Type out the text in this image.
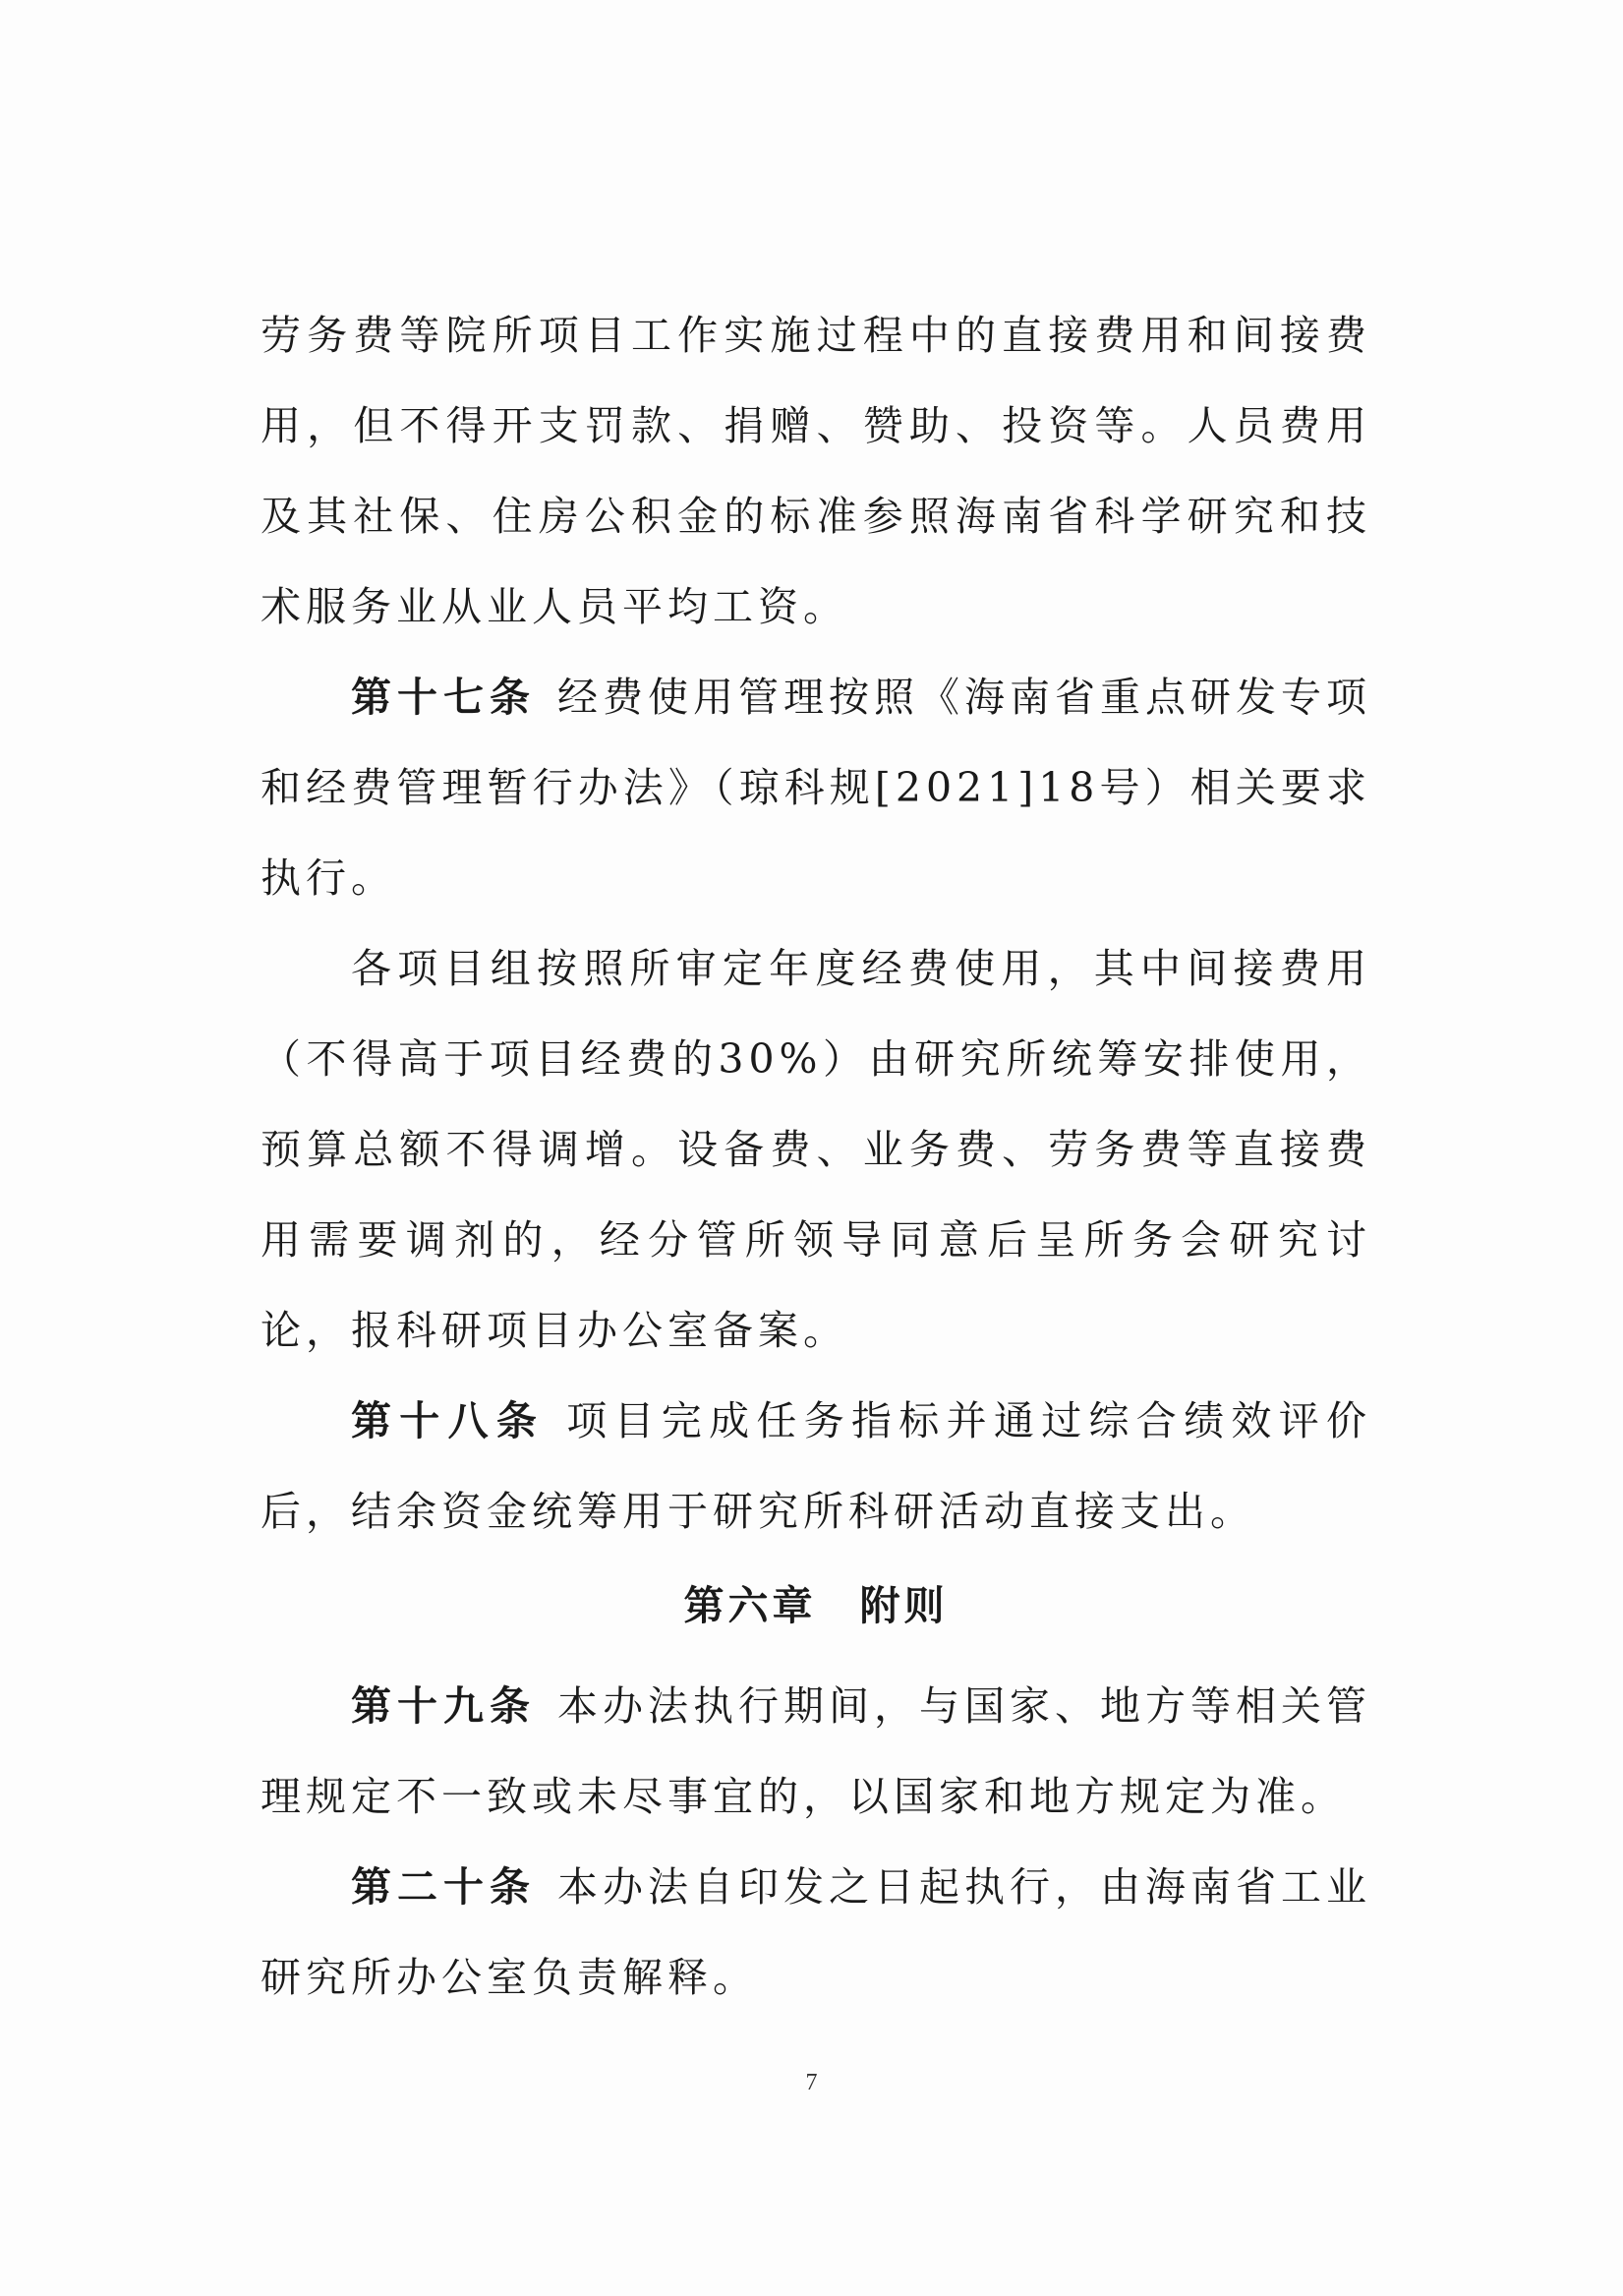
劳务费等院所项目工作实施过程中的直接费用和间接费用，但不得开支罚款、捐赠、赞助、投资等。人员费用及其社保、住房公积金的标准参照海南省科学研究和技术服务业从业人员平均工资。

第十七条 经费使用管理按照《海南省重点研发专项和经费管理暂行办法》（琼科规[2021]18号）相关要求执行。

各项目组按照所审定年度经费使用，其中间接费用（不得高于项目经费的30%）由研究所统筹安排使用，预算总额不得调增。设备费、业务费、劳务费等直接费用需要调剂的，经分管所领导同意后呈所务会研究讨论，报科研项目办公室备案。

第十八条 项目完成任务指标并通过综合绩效评价后，结余资金统筹用于研究所科研活动直接支出。

第六章 附则

第十九条 本办法执行期间，与国家、地方等相关管理规定不一致或未尽事宜的，以国家和地方规定为准。

第二十条 本办法自印发之日起执行，由海南省工业研究所办公室负责解释。

7
